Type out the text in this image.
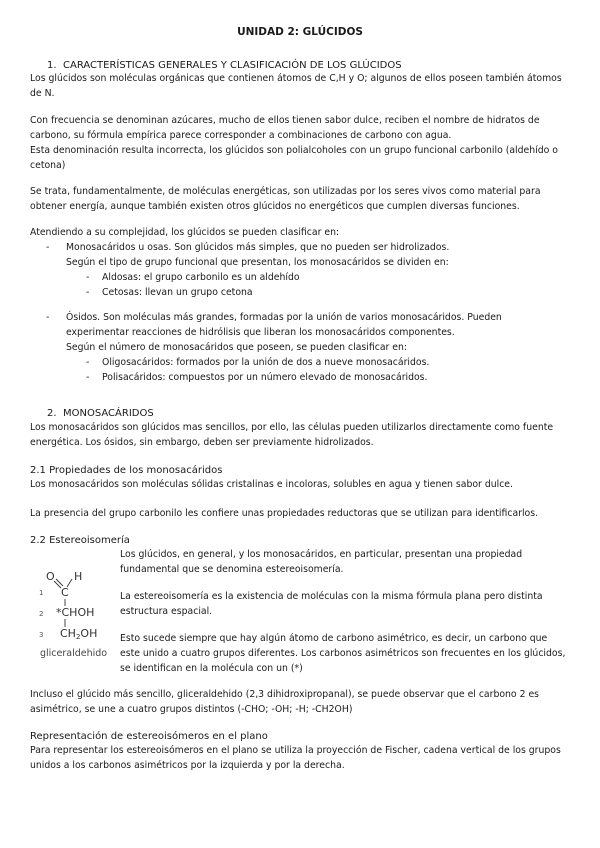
UNIDAD 2: GLÚCIDOS
1. CARACTERÍSTICAS GENERALES Y CLASIFICACIÓN DE LOS GLÚCIDOS
Los glúcidos son moléculas orgánicas que contienen átomos de C,H y O; algunos de ellos poseen también átomos de N.
Con frecuencia se denominan azúcares, mucho de ellos tienen sabor dulce, reciben el nombre de hidratos de carbono, su fórmula empírica parece corresponder a combinaciones de carbono con agua.
Esta denominación resulta incorrecta, los glúcidos son polialcoholes con un grupo funcional carbonilo (aldehído o cetona)
Se trata, fundamentalmente, de moléculas energéticas, son utilizadas por los seres vivos como material para obtener energía, aunque también existen otros glúcidos no energéticos que cumplen diversas funciones.
Atendiendo a su complejidad, los glúcidos se pueden clasificar en:
- Monosacáridos u osas. Son glúcidos más simples, que no pueden ser hidrolizados.
Según el tipo de grupo funcional que presentan, los monosacáridos se dividen en:
- Aldosas: el grupo carbonilo es un aldehído
- Cetosas: llevan un grupo cetona
- Ósidos. Son moléculas más grandes, formadas por la unión de varios monosacáridos. Pueden
experimentar reacciones de hidrólisis que liberan los monosacáridos componentes.
Según el número de monosacáridos que poseen, se pueden clasificar en:
- Oligosacáridos: formados por la unión de dos a nueve monosacáridos.
- Polisacáridos: compuestos por un número elevado de monosacáridos.
2. MONOSACÁRIDOS
Los monosacáridos son glúcidos mas sencillos, por ello, las células pueden utilizarlos directamente como fuente energética. Los ósidos, sin embargo, deben ser previamente hidrolizados.
2.1 Propiedades de los monosacáridos
Los monosacáridos son moléculas sólidas cristalinas e incoloras, solubles en agua y tienen sabor dulce.
La presencia del grupo carbonilo les confiere unas propiedades reductoras que se utilizan para identificarlos.
2.2 Estereoisomería
O H
1 C
2 *CHOH
3 CH2OH
gliceraldehido
Los glúcidos, en general, y los monosacáridos, en particular, presentan una propiedad fundamental que se denomina estereoisomería.
La estereoisomería es la existencia de moléculas con la misma fórmula plana pero distinta estructura espacial.
Esto sucede siempre que hay algún átomo de carbono asimétrico, es decir, un carbono que este unido a cuatro grupos diferentes. Los carbonos asimétricos son frecuentes en los glúcidos, se identifican en la molécula con un (*)
Incluso el glúcido más sencillo, gliceraldehido (2,3 dihidroxipropanal), se puede observar que el carbono 2 es asimétrico, se une a cuatro grupos distintos (-CHO; -OH; -H; -CH2OH)
Representación de estereoisómeros en el plano
Para representar los estereoisómeros en el plano se utiliza la proyección de Fischer, cadena vertical de los grupos unidos a los carbonos asimétricos por la izquierda y por la derecha.
